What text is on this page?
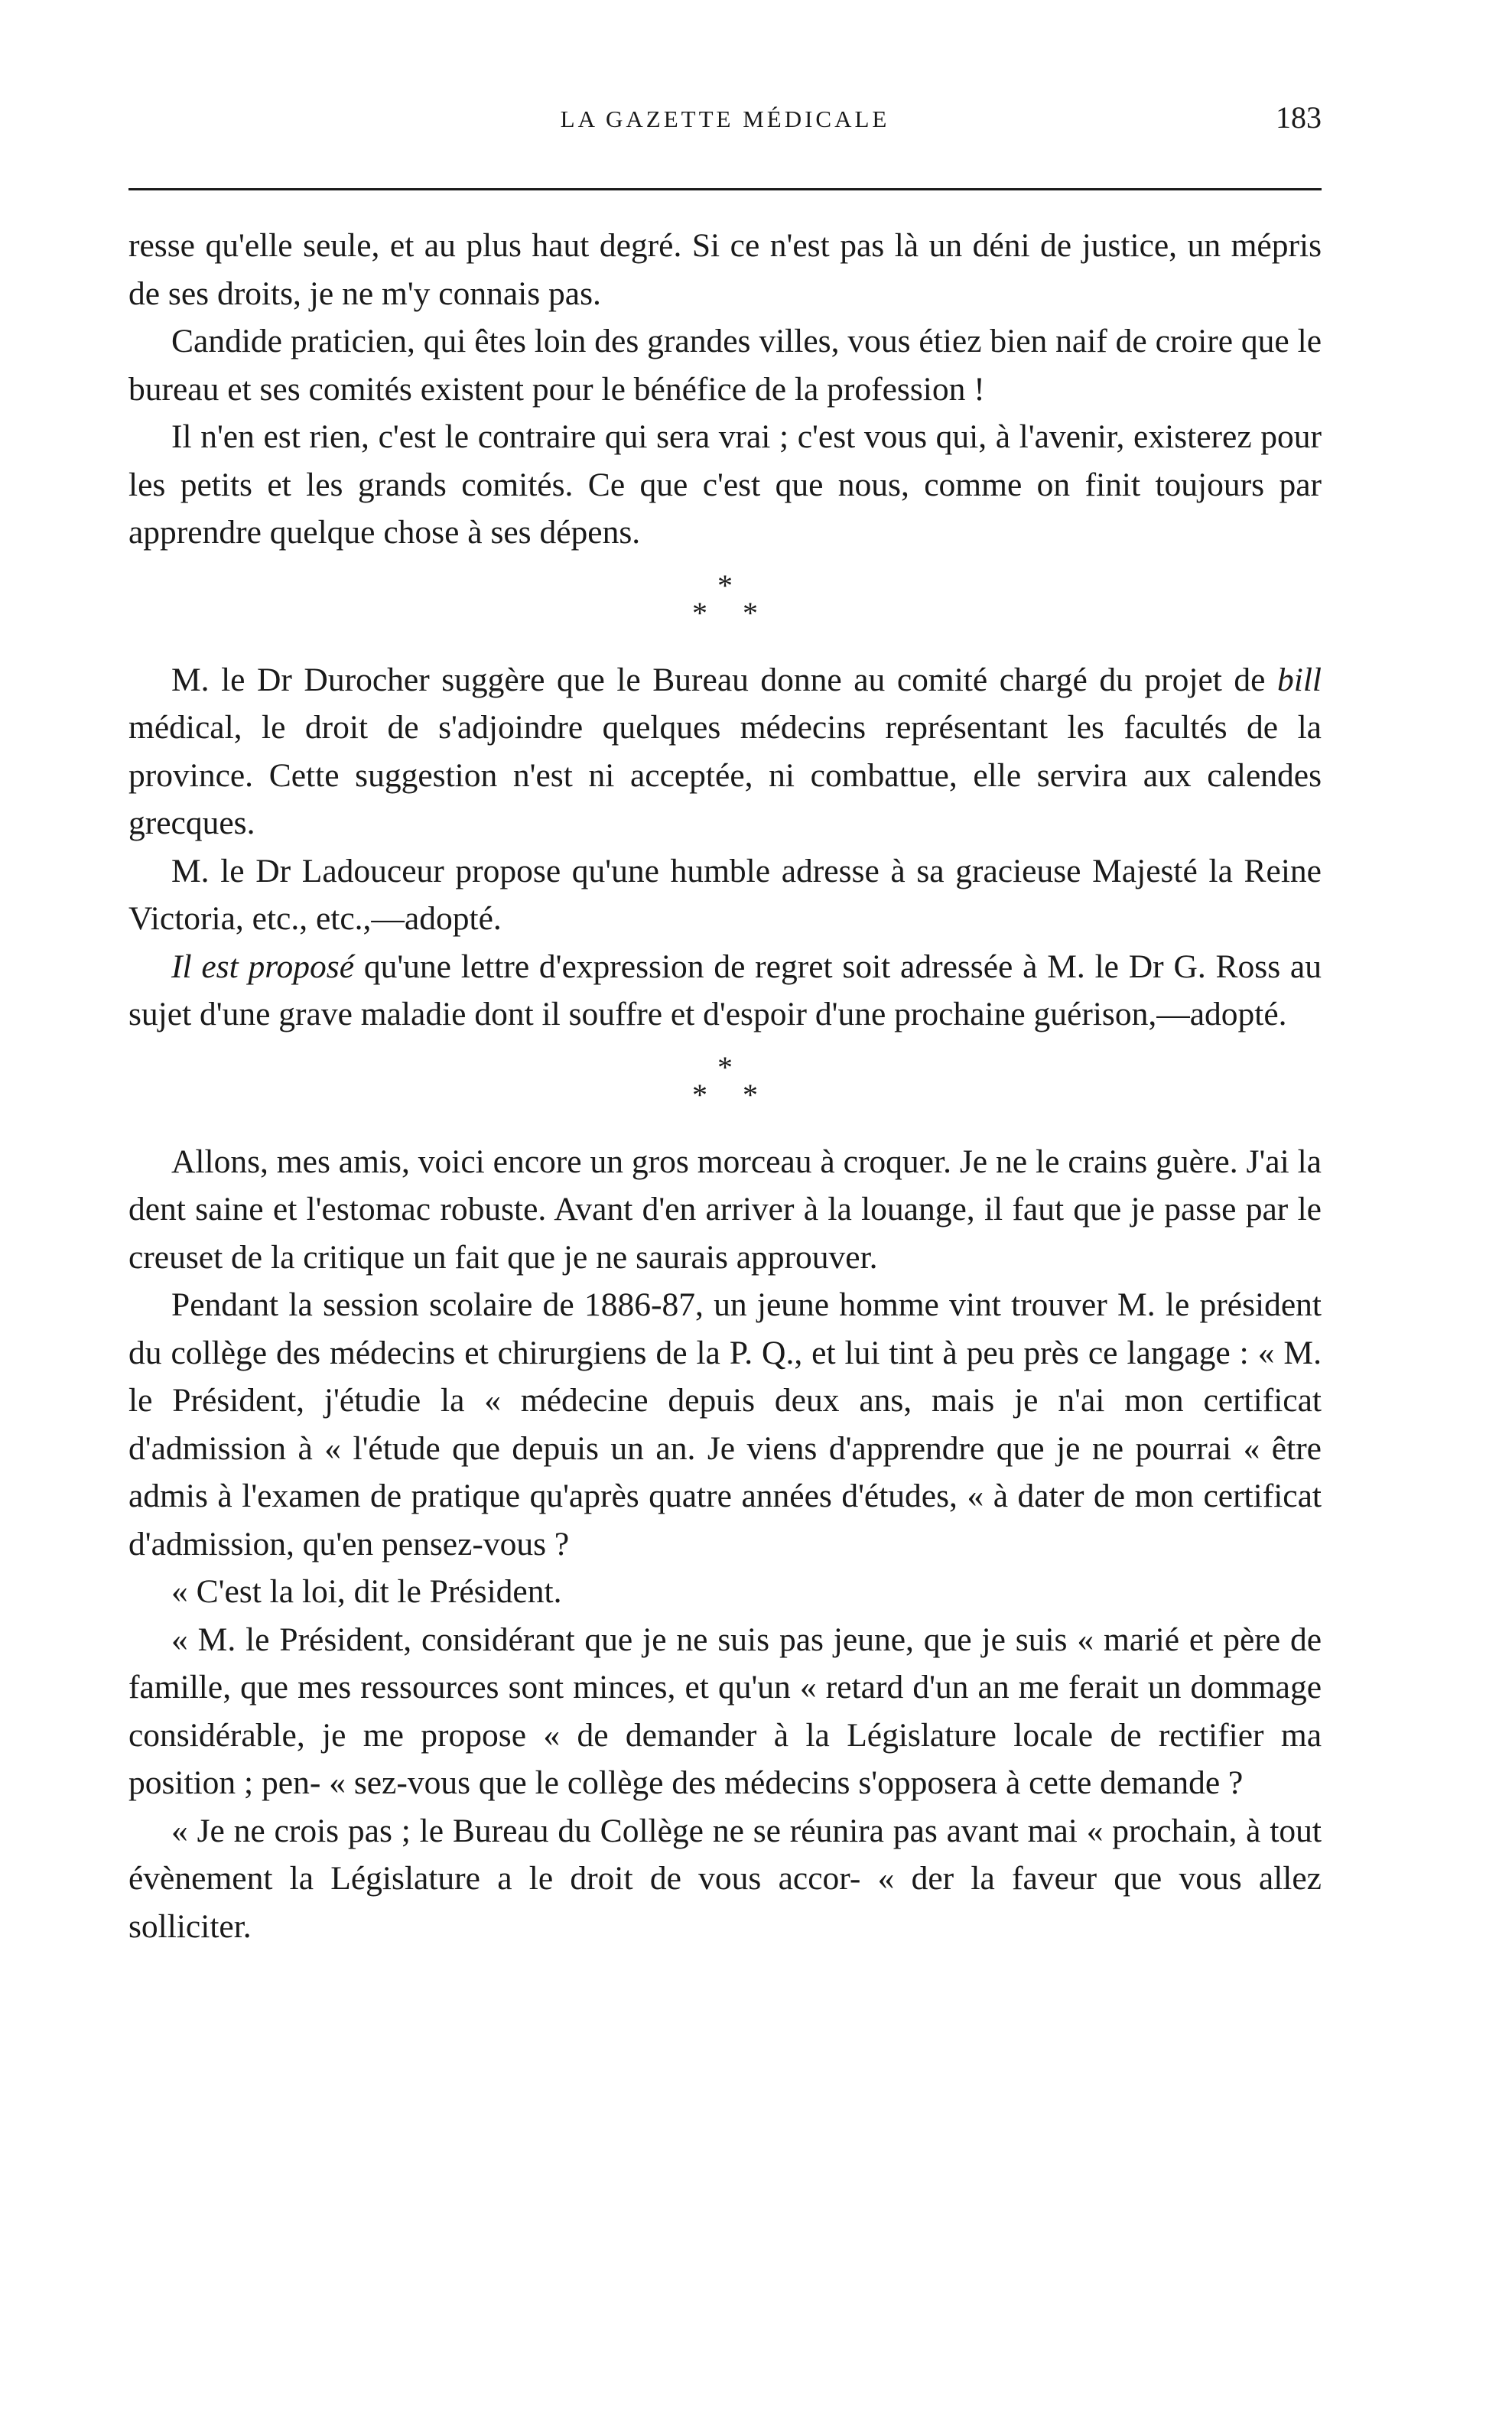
LA GAZETTE MÉDICALE	183

resse qu'elle seule, et au plus haut degré. Si ce n'est pas là un déni de justice, un mépris de ses droits, je ne m'y connais pas.

Candide praticien, qui êtes loin des grandes villes, vous étiez bien naif de croire que le bureau et ses comités existent pour le bénéfice de la profession !

Il n'en est rien, c'est le contraire qui sera vrai ; c'est vous qui, à l'avenir, existerez pour les petits et les grands comités. Ce que c'est que nous, comme on finit toujours par apprendre quelque chose à ses dépens.

*
* *

M. le Dr Durocher suggère que le Bureau donne au comité chargé du projet de bill médical, le droit de s'adjoindre quelques médecins représentant les facultés de la province. Cette suggestion n'est ni acceptée, ni combattue, elle servira aux calendes grecques.

M. le Dr Ladouceur propose qu'une humble adresse à sa gracieuse Majesté la Reine Victoria, etc., etc.,—adopté.

Il est proposé qu'une lettre d'expression de regret soit adressée à M. le Dr G. Ross au sujet d'une grave maladie dont il souffre et d'espoir d'une prochaine guérison,—adopté.

*
* *

Allons, mes amis, voici encore un gros morceau à croquer. Je ne le crains guère. J'ai la dent saine et l'estomac robuste. Avant d'en arriver à la louange, il faut que je passe par le creuset de la critique un fait que je ne saurais approuver.

Pendant la session scolaire de 1886-87, un jeune homme vint trouver M. le président du collège des médecins et chirurgiens de la P. Q., et lui tint à peu près ce langage : « M. le Président, j'étudie la « médecine depuis deux ans, mais je n'ai mon certificat d'admission à « l'étude que depuis un an. Je viens d'apprendre que je ne pourrai « être admis à l'examen de pratique qu'après quatre années d'études, « à dater de mon certificat d'admission, qu'en pensez-vous ?

« C'est la loi, dit le Président.

« M. le Président, considérant que je ne suis pas jeune, que je suis « marié et père de famille, que mes ressources sont minces, et qu'un « retard d'un an me ferait un dommage considérable, je me propose « de demander à la Législature locale de rectifier ma position ; pen- « sez-vous que le collège des médecins s'opposera à cette demande ?

« Je ne crois pas ; le Bureau du Collège ne se réunira pas avant mai « prochain, à tout évènement la Législature a le droit de vous accor- « der la faveur que vous allez solliciter.
